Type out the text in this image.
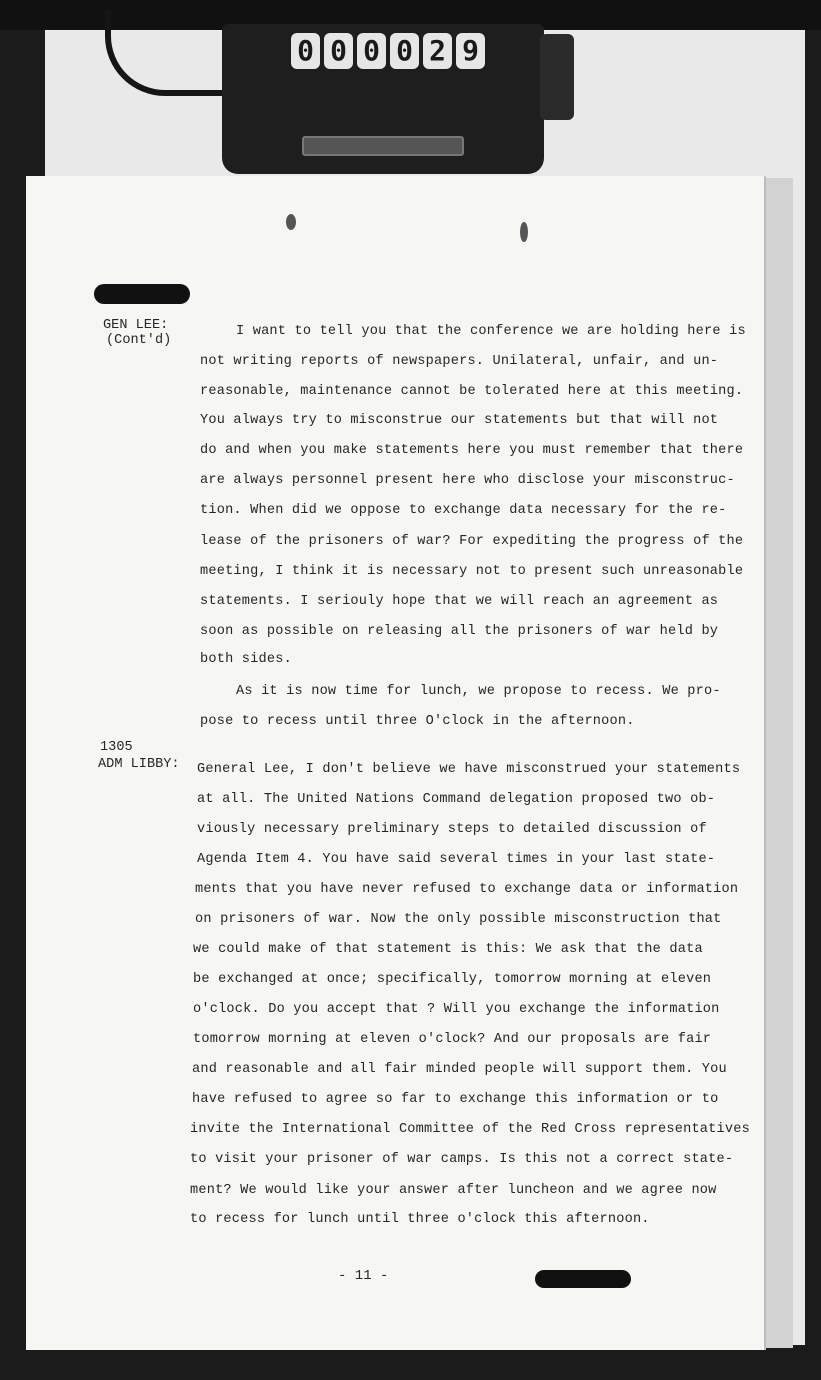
0 0 0 0 2 9
GEN LEE:
(Cont'd)
I want to tell you that the conference we are holding here is
not writing reports of newspapers. Unilateral, unfair, and un-
reasonable, maintenance cannot be tolerated here at this meeting.
You always try to misconstrue our statements but that will not
do and when you make statements here you must remember that there
are always personnel present here who disclose your misconstruc-
tion. When did we oppose to exchange data necessary for the re-
lease of the prisoners of war? For expediting the progress of the
meeting, I think it is necessary not to present such unreasonable
statements. I seriouly hope that we will reach an agreement as
soon as possible on releasing all the prisoners of war held by
both sides.
As it is now time for lunch, we propose to recess. We pro-
pose to recess until three O'clock in the afternoon.
1305
ADM LIBBY: General Lee, I don't believe we have misconstrued your statements
at all. The United Nations Command delegation proposed two ob-
viously necessary preliminary steps to detailed discussion of
Agenda Item 4. You have said several times in your last state-
ments that you have never refused to exchange data or information
on prisoners of war. Now the only possible misconstruction that
we could make of that statement is this: We ask that the data
be exchanged at once; specifically, tomorrow morning at eleven
o'clock. Do you accept that ? Will you exchange the information
tomorrow morning at eleven o'clock? And our proposals are fair
and reasonable and all fair minded people will support them. You
have refused to agree so far to exchange this information or to
invite the International Committee of the Red Cross representatives
to visit your prisoner of war camps. Is this not a correct state-
ment? We would like your answer after luncheon and we agree now
to recess for lunch until three o'clock this afternoon.
- 11 -
